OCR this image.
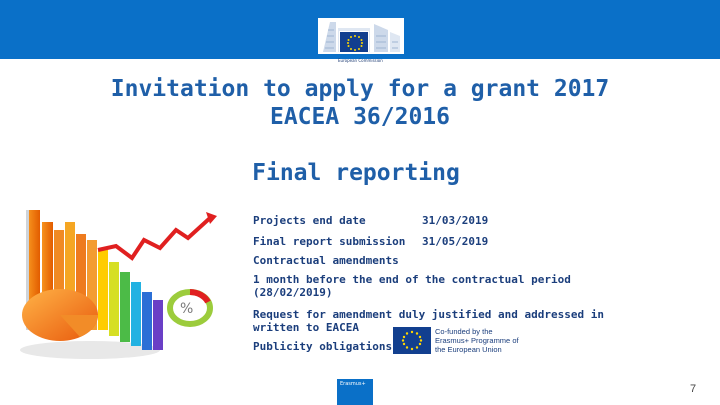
European Commission
Invitation to apply for a grant 2017
EACEA 36/2016
Final reporting
%
Projects end date	31/03/2019
Final report submission 31/05/2019
Contractual amendments
1 month before the end of the contractual period (28/02/2019)
Request for amendment duly justified and addressed in written to EACEA
Publicity obligations
Co-funded by the Erasmus+ Programme of the European Union
Erasmus+	7
